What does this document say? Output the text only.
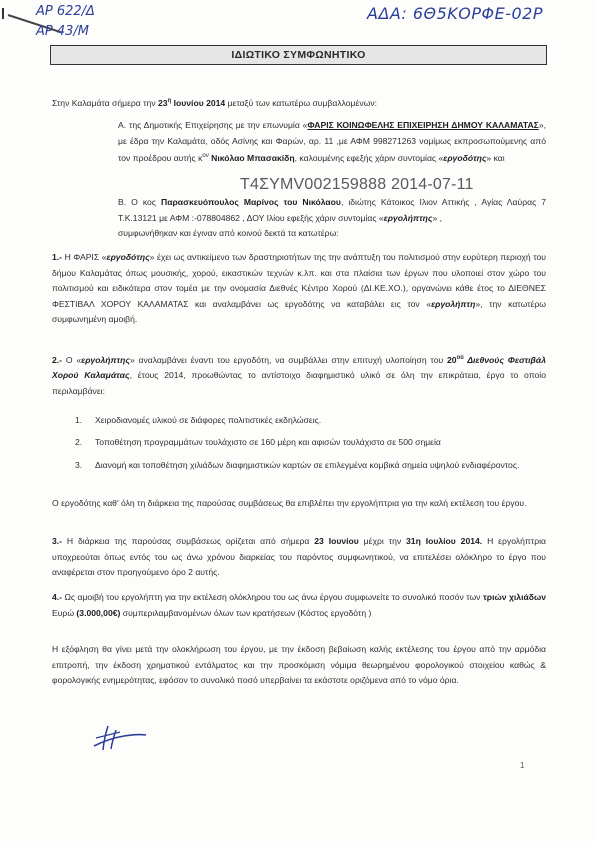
ΑΡ 622/Δ
ΑΡ 43/Μ
ΑΔΑ: 6Θ5ΚΟΡΦΕ-02Ρ
ΙΔΙΩΤΙΚΟ ΣΥΜΦΩΝΗΤΙΚΟ
Στην Καλαμάτα σήμερα την $23^\eta$ Ιουνίου 2014 μεταξύ των κατωτέρω συμβαλλομένων:
Α. της Δημοτικής Επιχείρησης με την επωνυμία «ΦΑΡΙΣ ΚΟΙΝΩΦΕΛΗΣ ΕΠΙΧΕΙΡΗΣΗ ΔΗΜΟΥ ΚΑΛΑΜΑΤΑΣ», με έδρα την Καλαμάτα, οδός Ασίνης και Φαρών, αρ. 11 ,με ΑΦΜ 998271263 νομίμως εκπροσωπούμενης από τον προέδρου αυτής $\kappa^{o\nu}$ Νικόλαο Μπασακίδη, καλουμένης εφεξής χάριν συντομίας «εργοδότης» και
Τ4ΣΥΜV002159888 2014-07-11
Β. Ο κος Παρασκευόπουλος Μαρίνος του Νικόλαου, ιδιώτης Κάτοικος Ιλιον Αττικής , Αγίας Λαύρας 7 Τ.Κ.13121 με ΑΦΜ :-078804862 , ΔΟΥ Ιλίου εφεξής χάριν συντομίας «εργολήπτης» ,
συμφωνήθηκαν και έγιναν από κοινού δεκτά τα κατωτέρω:
1.- Η ΦΑΡΙΣ «εργοδότης» έχει ως αντικείμενο των δραστηριοτήτων της την ανάπτυξη του πολιτισμού στην ευρύτερη περιοχή του δήμου Καλαμάτας όπως μουσικής, χορού, εικαστικών τεχνών κ.λπ. και στα πλαίσια των έργων που υλοποιεί στον χώρο του πολιτισμού και ειδικότερα στον τομέα με την ονομασία Διεθνές Κέντρο Χορού (ΔΙ.ΚΕ.ΧΟ.), οργανώνει κάθε έτος το ΔΙΕΘΝΕΣ ΦΕΣΤΙΒΑΛ ΧΟΡΟΥ ΚΑΛΑΜΑΤΑΣ και αναλαμβάνει ως εργοδότης να καταβάλει εις τον «εργολήπτη», την κατωτέρω συμφωνημένη αμοιβή.
2.- Ο «εργολήπτης» αναλαμβάνει έναντι του εργοδότη, να συμβάλλει στην επιτυχή υλοποίηση του $20^{oύ}$ Διεθνούς Φεστιβάλ Χορού Καλαμάτας, έτους 2014, προωθώντας το αντίστοιχο διαφημιστικό υλικό σε όλη την επικράτεια, έργο το οποίο περιλαμβάνει:
1. Χειροδιανομές υλικού σε διάφορες πολιτιστικές εκδηλώσεις.
2. Τοποθέτηση προγραμμάτων τουλάχιστο σε 160 μέρη και αφισών τουλάχιστο σε 500 σημεία
3. Διανομή και τοποθέτηση χιλιάδων διαφημιστικών καρτών σε επιλεγμένα κομβικά σημεία υψηλού ενδιαφέροντος.
Ο εργοδότης καθ' όλη τη διάρκεια της παρούσας συμβάσεως θα επιβλέπει την εργολήπτρια για την καλή εκτέλεση του έργου.
3.- Η διάρκεια της παρούσας συμβάσεως ορίζεται από σήμερα 23 Ιουνίου μέχρι την 31η Ιουλίου 2014. Η εργολήπτρια υποχρεούται όπως εντός του ως άνω χρόνου διαρκείας του παρόντος συμφωνητικού, να επιτελέσει ολόκληρο το έργο που αναφέρεται στον προηγούμενο όρο 2 αυτής.
4.- Ως αμοιβή του εργολήπτη για την εκτέλεση ολόκληρου του ως άνω έργου συμφωνείτε το συνολικό ποσόν των τριών χιλιάδων Ευρώ (3.000,00€) συμπεριλαμβανομένων όλων των κρατήσεων (Κόστος εργοδότη )
Η εξόφληση θα γίνει μετά την ολοκλήρωση του έργου, με την έκδοση βεβαίωση καλής εκτέλεσης του έργου από την αρμόδια επιτροπή, την έκδοση χρηματικού εντάλματος και την προσκόμιση νόμιμα θεωρημένου φορολογικού στοιχείου καθώς & φορολογικής ενημερότητας, εφόσον το συνολικό ποσό υπερβαίνει τα εκάστοτε οριζόμενα από το νόμο όρια.
1
